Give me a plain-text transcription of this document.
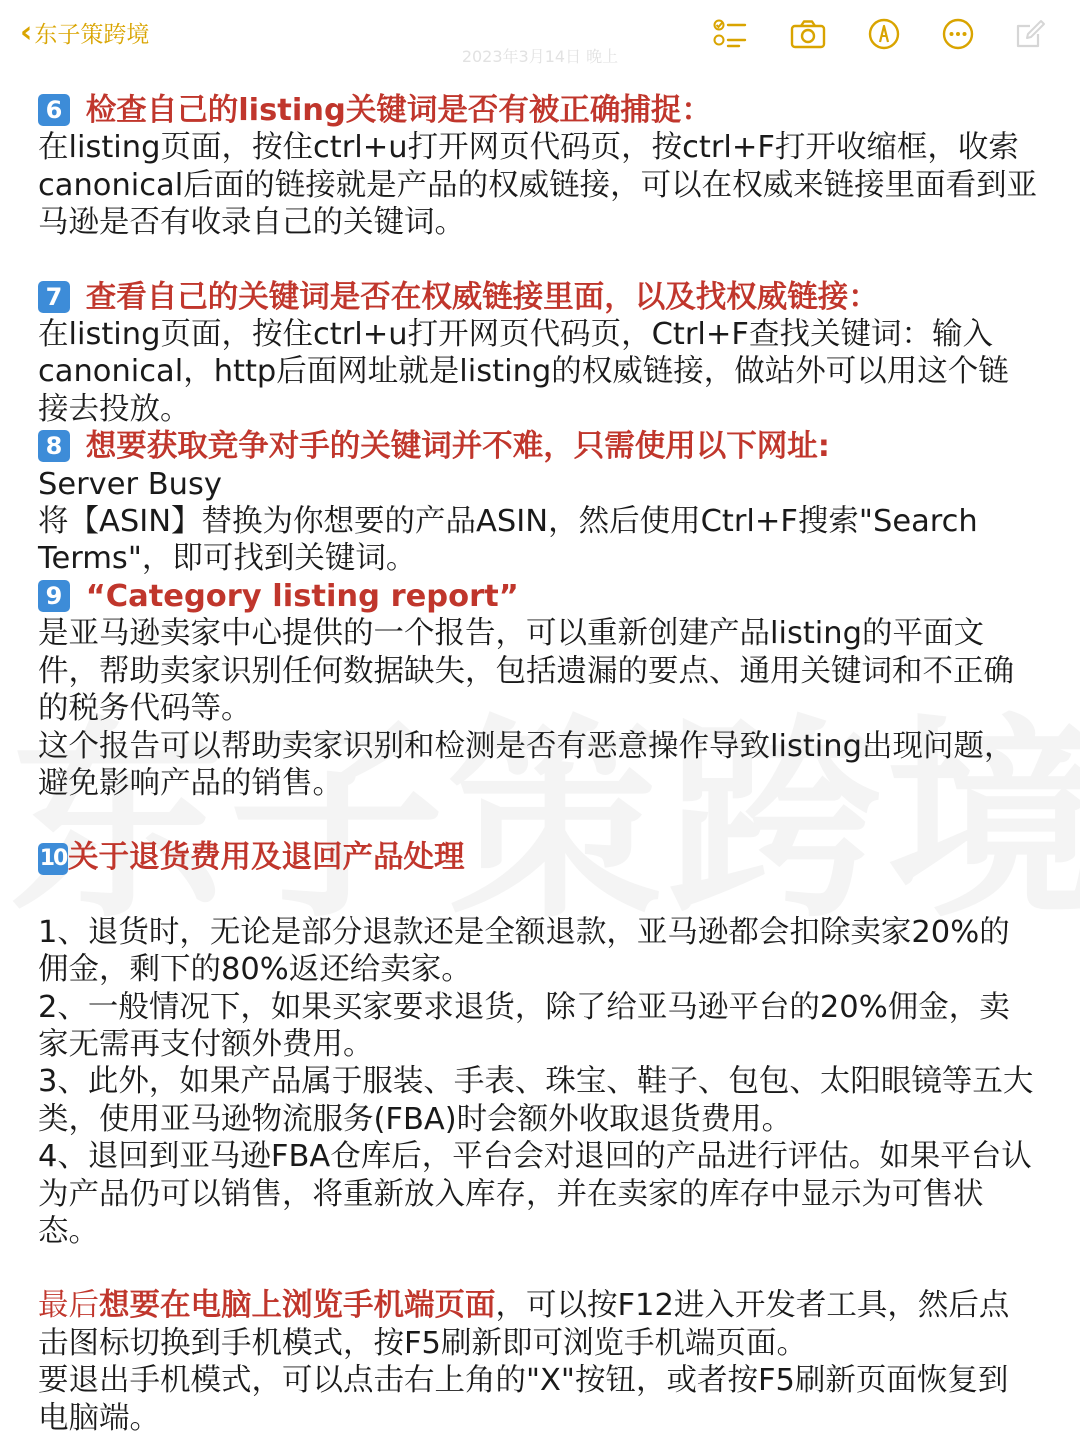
2023年3月14日 晚上
‹ 东子策跨境

6 检查自己的listing关键词是否有被正确捕捉：

在listing页面，按住ctrl+u打开网页代码页，按ctrl+F打开收缩框，收索canonical后面的链接就是产品的权威链接，可以在权威来链接里面看到亚马逊是否有收录自己的关键词。

7 查看自己的关键词是否在权威链接里面，以及找权威链接：

在listing页面，按住ctrl+u打开网页代码页，Ctrl+F查找关键词：输入canonical，http后面网址就是listing的权威链接，做站外可以用这个链接去投放。

8 想要获取竞争对手的关键词并不难，只需使用以下网址:

Server Busy

将【ASIN】替换为你想要的产品ASIN，然后使用Ctrl+F搜索"Search Terms"，即可找到关键词。

9 “Category listing report”

是亚马逊卖家中心提供的一个报告，可以重新创建产品listing的平面文件，帮助卖家识别任何数据缺失，包括遗漏的要点、通用关键词和不正确的税务代码等。

这个报告可以帮助卖家识别和检测是否有恶意操作导致listing出现问题，避免影响产品的销售。

10关于退货费用及退回产品处理

1、退货时，无论是部分退款还是全额退款，亚马逊都会扣除卖家20%的佣金，剩下的80%返还给卖家。

2、一般情况下，如果买家要求退货，除了给亚马逊平台的20%佣金，卖家无需再支付额外费用。

3、此外，如果产品属于服装、手表、珠宝、鞋子、包包、太阳眼镜等五大类，使用亚马逊物流服务(FBA)时会额外收取退货费用。

4、退回到亚马逊FBA仓库后，平台会对退回的产品进行评估。如果平台认为产品仍可以销售，将重新放入库存，并在卖家的库存中显示为可售状态。

最后想要在电脑上浏览手机端页面，可以按F12进入开发者工具，然后点击图标切换到手机模式，按F5刷新即可浏览手机端页面。

要退出手机模式，可以点击右上角的"X"按钮，或者按F5刷新页面恢复到电脑端。
